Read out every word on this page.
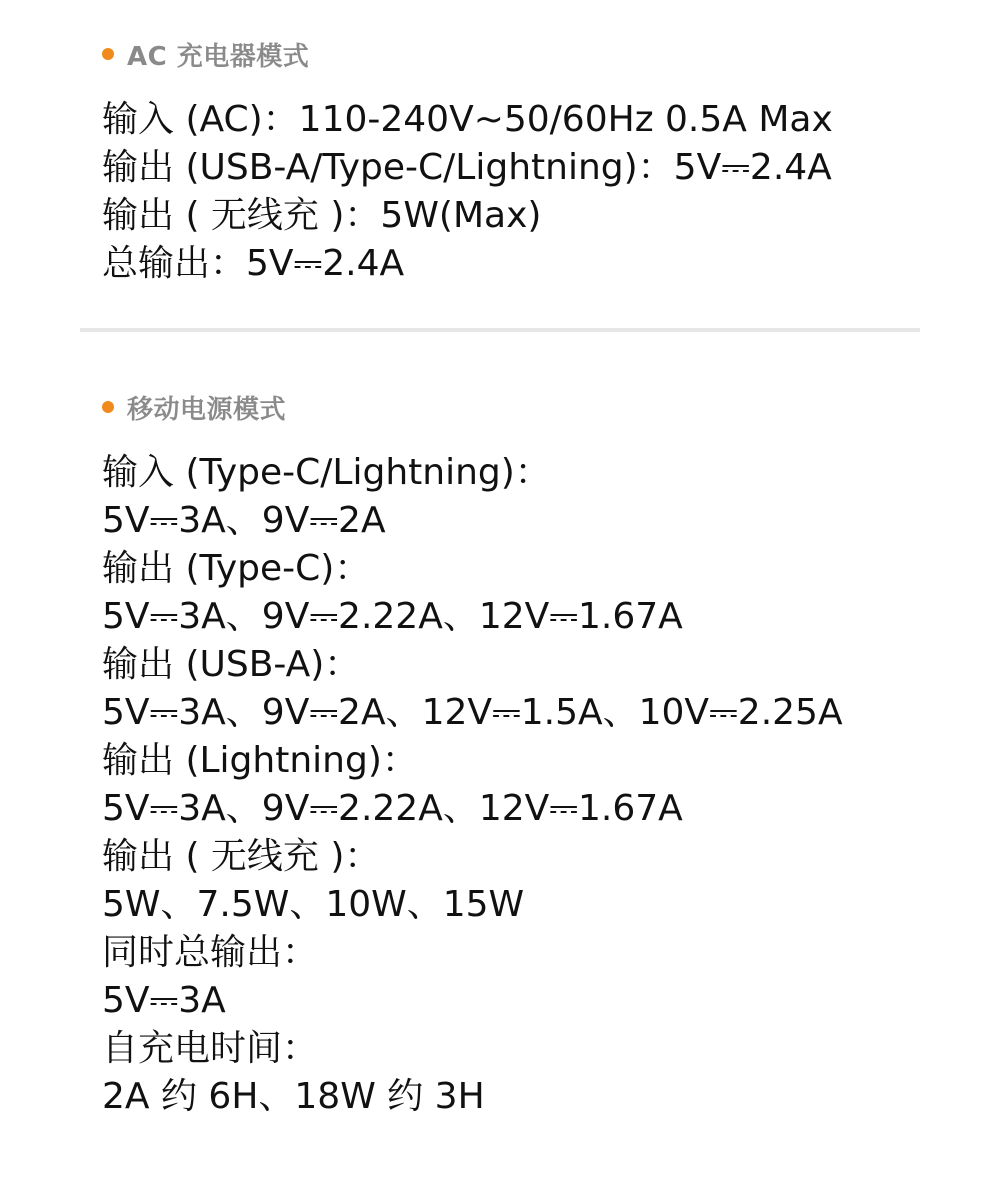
AC 充电器模式
输入 (AC)：110-240V~50/60Hz 0.5A Max
输出 (USB-A/Type-C/Lightning)：5V⎓2.4A
输出 ( 无线充 )：5W(Max)
总输出：5V⎓2.4A
移动电源模式
输入 (Type-C/Lightning)：
5V⎓3A、9V⎓2A
输出 (Type-C)：
5V⎓3A、9V⎓2.22A、12V⎓1.67A
输出 (USB-A)：
5V⎓3A、9V⎓2A、12V⎓1.5A、10V⎓2.25A
输出 (Lightning)：
5V⎓3A、9V⎓2.22A、12V⎓1.67A
输出 ( 无线充 )：
5W、7.5W、10W、15W
同时总输出：
5V⎓3A
自充电时间：
2A 约 6H、18W 约 3H
